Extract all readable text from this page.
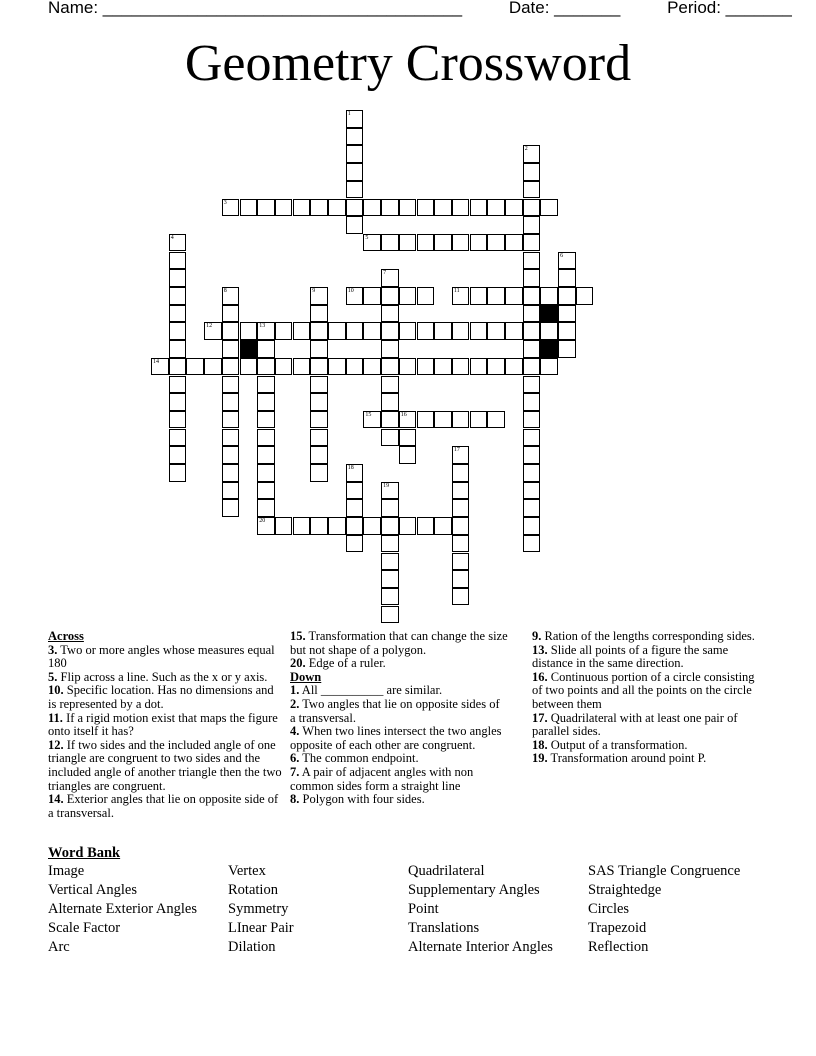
Name: ______________________________________	Date: _______	Period: _______
Geometry Crossword
1
2
3
4	5
6
7
8	9	10	11
12	13
20
14
15	16
17
18
19
Across
3. Two or more angles whose measures equal 180
5. Flip across a line. Such as the x or y axis.
10. Specific location. Has no dimensions and is represented by a dot.
11. If a rigid motion exist that maps the figure onto itself it has?
12. If two sides and the included angle of one triangle are congruent to two sides and the included angle of another triangle then the two triangles are congruent.
14. Exterior angles that lie on opposite side of a transversal.
15. Transformation that can change the size but not shape of a polygon.
20. Edge of a ruler.
Down
1. All __________ are similar.
2. Two angles that lie on opposite sides of a transversal.
4. When two lines intersect the two angles opposite of each other are congruent.
6. The common endpoint.
7. A pair of adjacent angles with non common sides form a straight line
8. Polygon with four sides.
9. Ration of the lengths corresponding sides.
13. Slide all points of a figure the same distance in the same direction.
16. Continuous portion of a circle consisting of two points and all the points on the circle between them
17. Quadrilateral with at least one pair of parallel sides.
18. Output of a transformation.
19. Transformation around point P.
Word Bank
Image
Vertical Angles
Alternate Exterior Angles
Scale Factor
Arc
Vertex
Rotation
Symmetry
LInear Pair
Dilation
Quadrilateral
Supplementary Angles
Point
Translations
Alternate Interior Angles
SAS Triangle Congruence
Straightedge
Circles
Trapezoid
Reflection
